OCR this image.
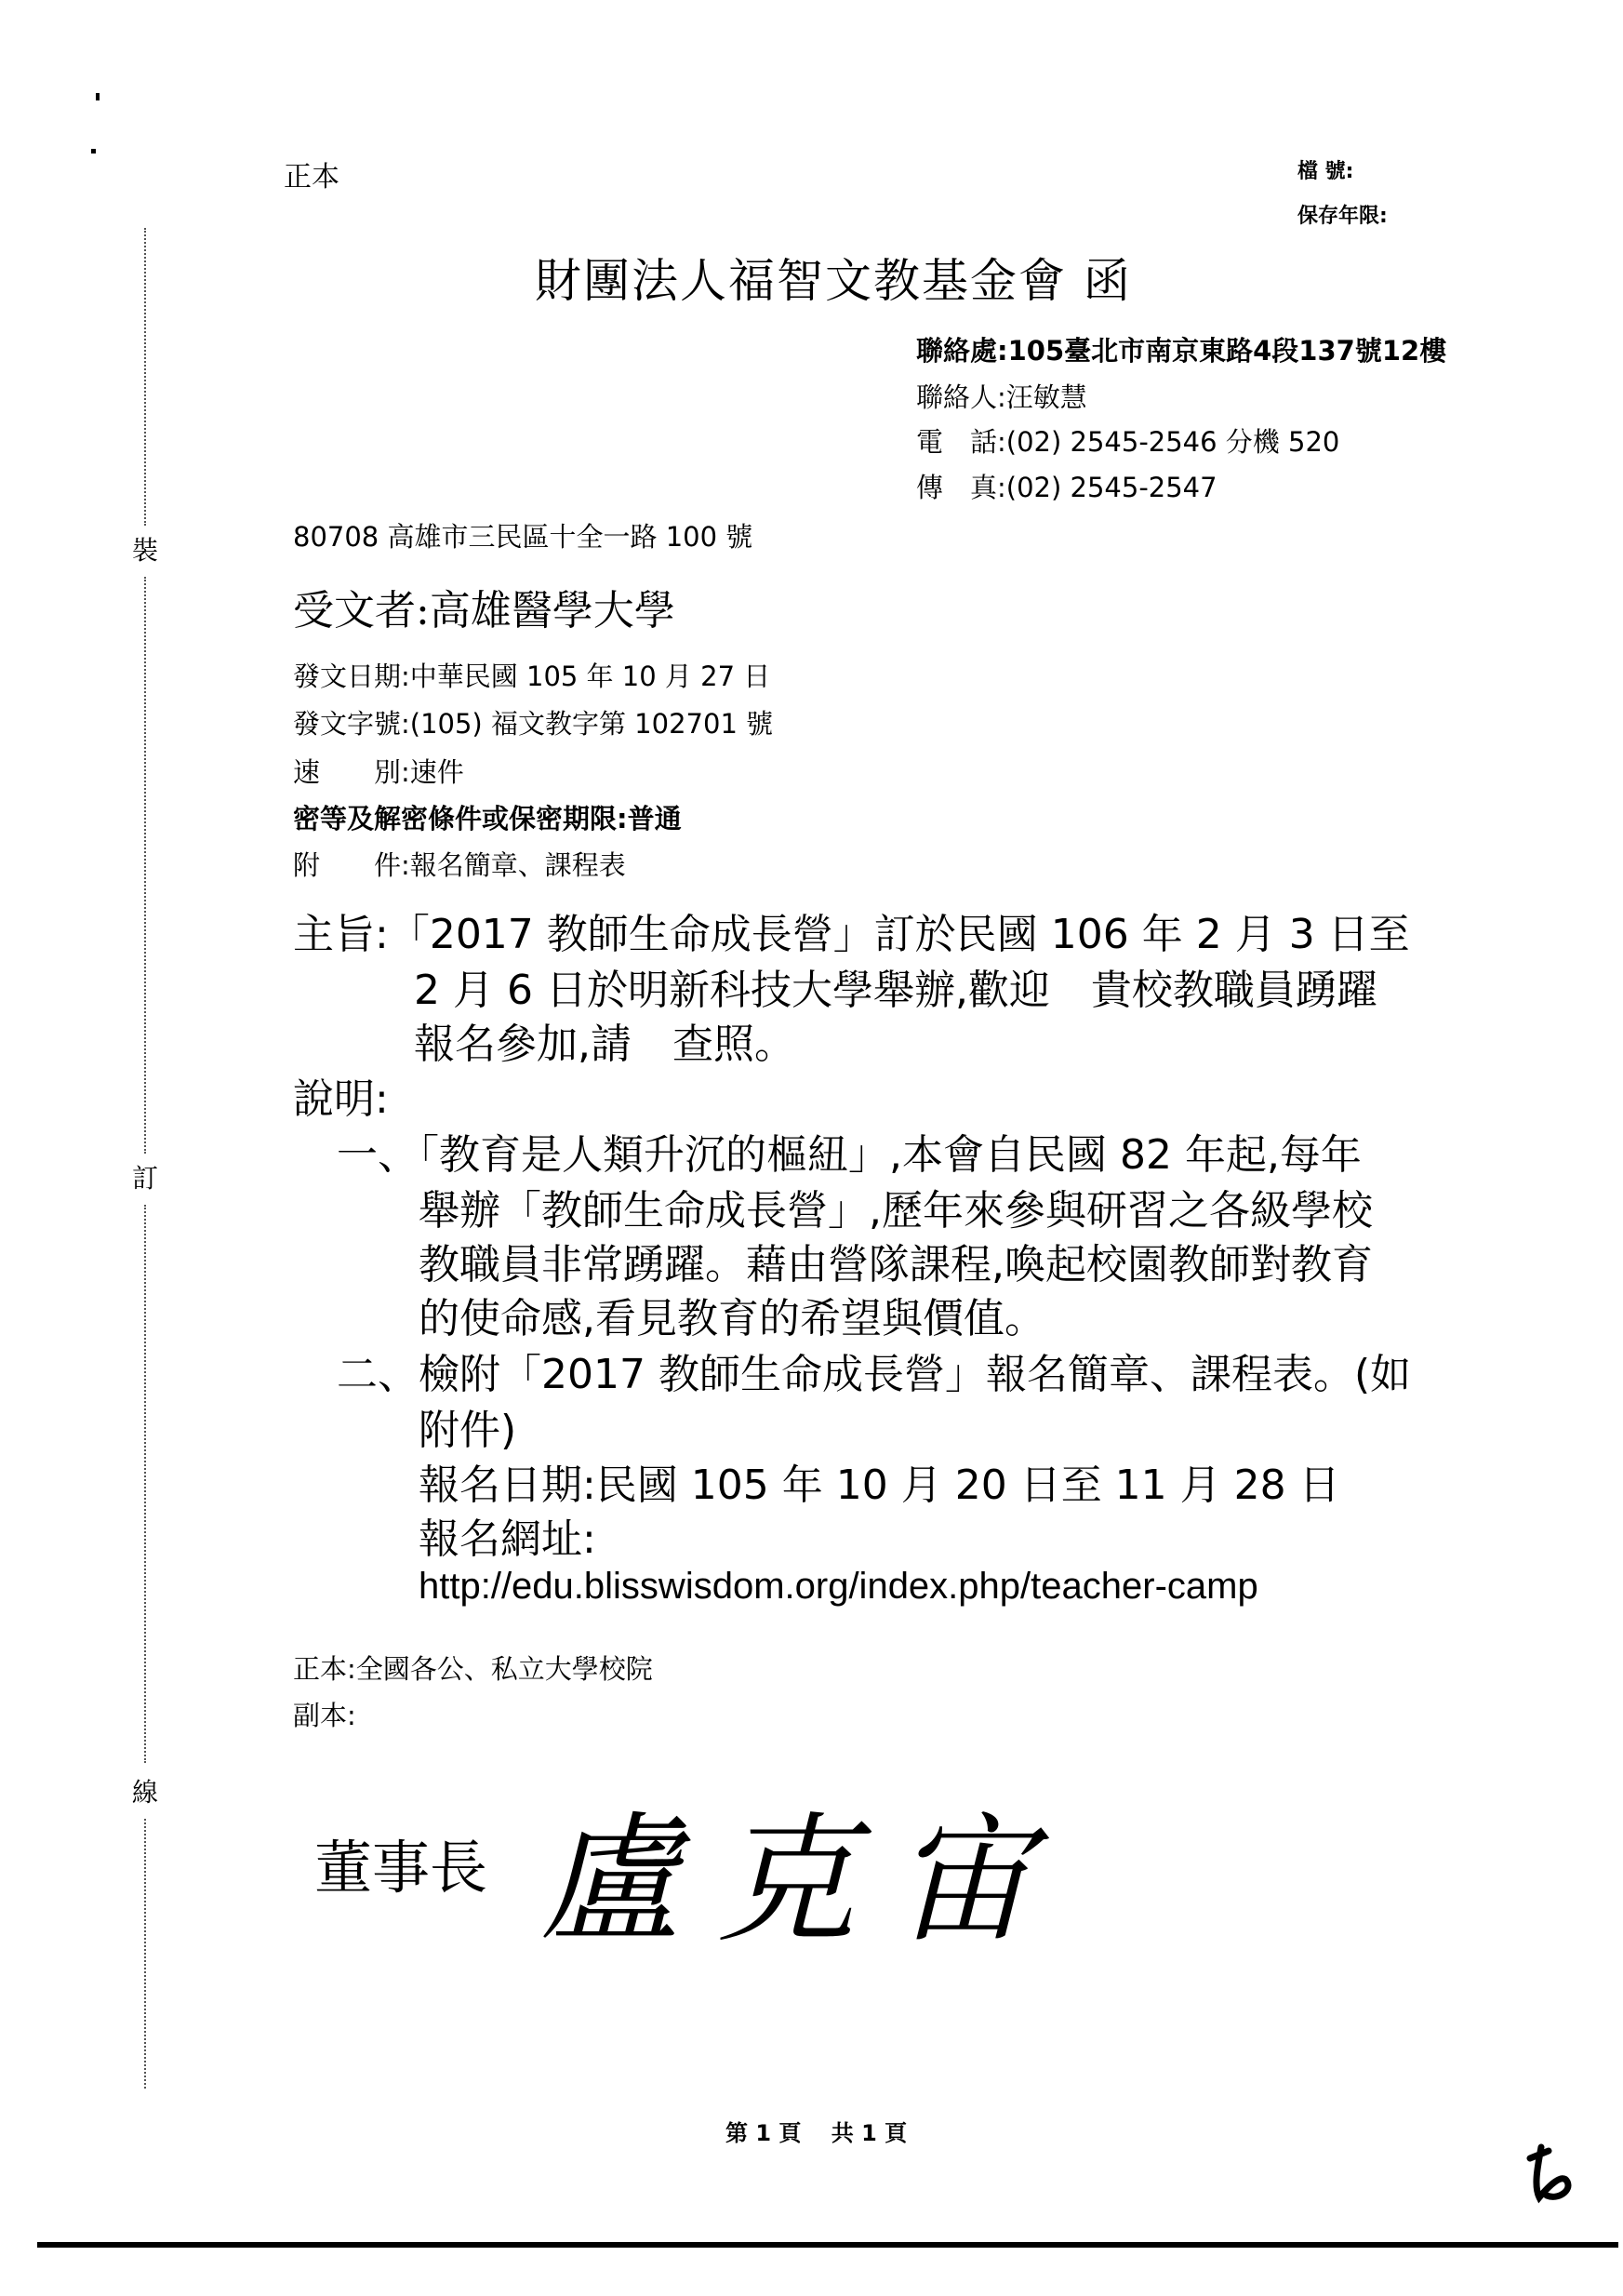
裝
訂
線
正本	檔 號:
保存年限:
財團法人福智文教基金會 函
聯絡處:105臺北市南京東路4段137號12樓
聯絡人:汪敏慧
電　話:(02) 2545-2546 分機 520
傳　真:(02) 2545-2547
80708 高雄市三民區十全一路 100 號
受文者:高雄醫學大學
發文日期:中華民國 105 年 10 月 27 日
發文字號:(105) 福文教字第 102701 號
速　　別:速件
密等及解密條件或保密期限:普通
附　　件:報名簡章、課程表
主旨:「2017 教師生命成長營」訂於民國 106 年 2 月 3 日至
2 月 6 日於明新科技大學舉辦,歡迎　貴校教職員踴躍
報名參加,請　查照。
說明:
一、「教育是人類升沉的樞紐」,本會自民國 82 年起,每年
舉辦「教師生命成長營」,歷年來參與研習之各級學校
教職員非常踴躍。藉由營隊課程,喚起校園教師對教育
的使命感,看見教育的希望與價值。
二、檢附「2017 教師生命成長營」報名簡章、課程表。(如
附件)
報名日期:民國 105 年 10 月 20 日至 11 月 28 日
報名網址:
http://edu.blisswisdom.org/index.php/teacher-camp
正本:全國各公、私立大學校院
副本:
董事長 盧克宙
第 1 頁　 共 1 頁
